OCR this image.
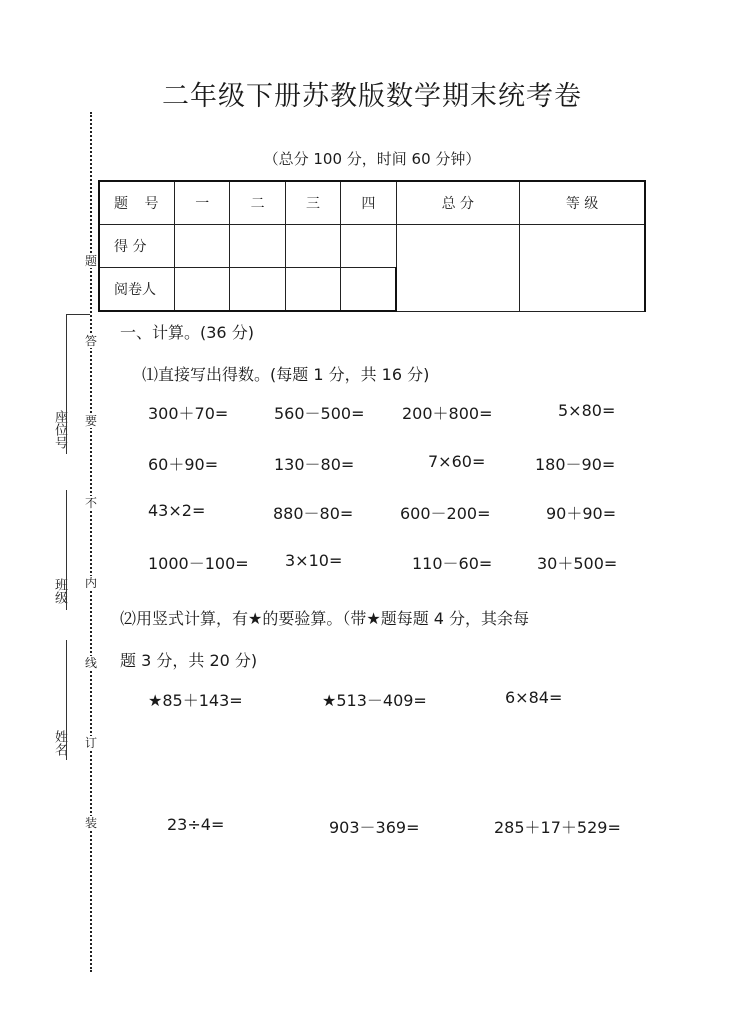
二年级下册苏教版数学期末统考卷
（总分 100 分，时间 60 分钟）
座位号
班级
姓名
题
答
要
不
内
线
订
装
题 号	一	二	三	四	总 分	等 级
得 分						
阅卷人						
一、计算。(36 分)
⑴直接写出得数。(每题 1 分，共 16 分)
300＋70=	560－500= 200＋800=	5×80=
60＋90=	130－80=	7×60=	180－90=
43×2=	880－80=	600－200=	90＋90=
1000－100= 3×10=	110－60=	30＋500=
⑵用竖式计算，有★的要验算。（带★题每题 4 分，其余每
题 3 分，共 20 分)
★85＋143=	★513－409=	6×84=
23÷4=	903－369=	285＋17＋529=
